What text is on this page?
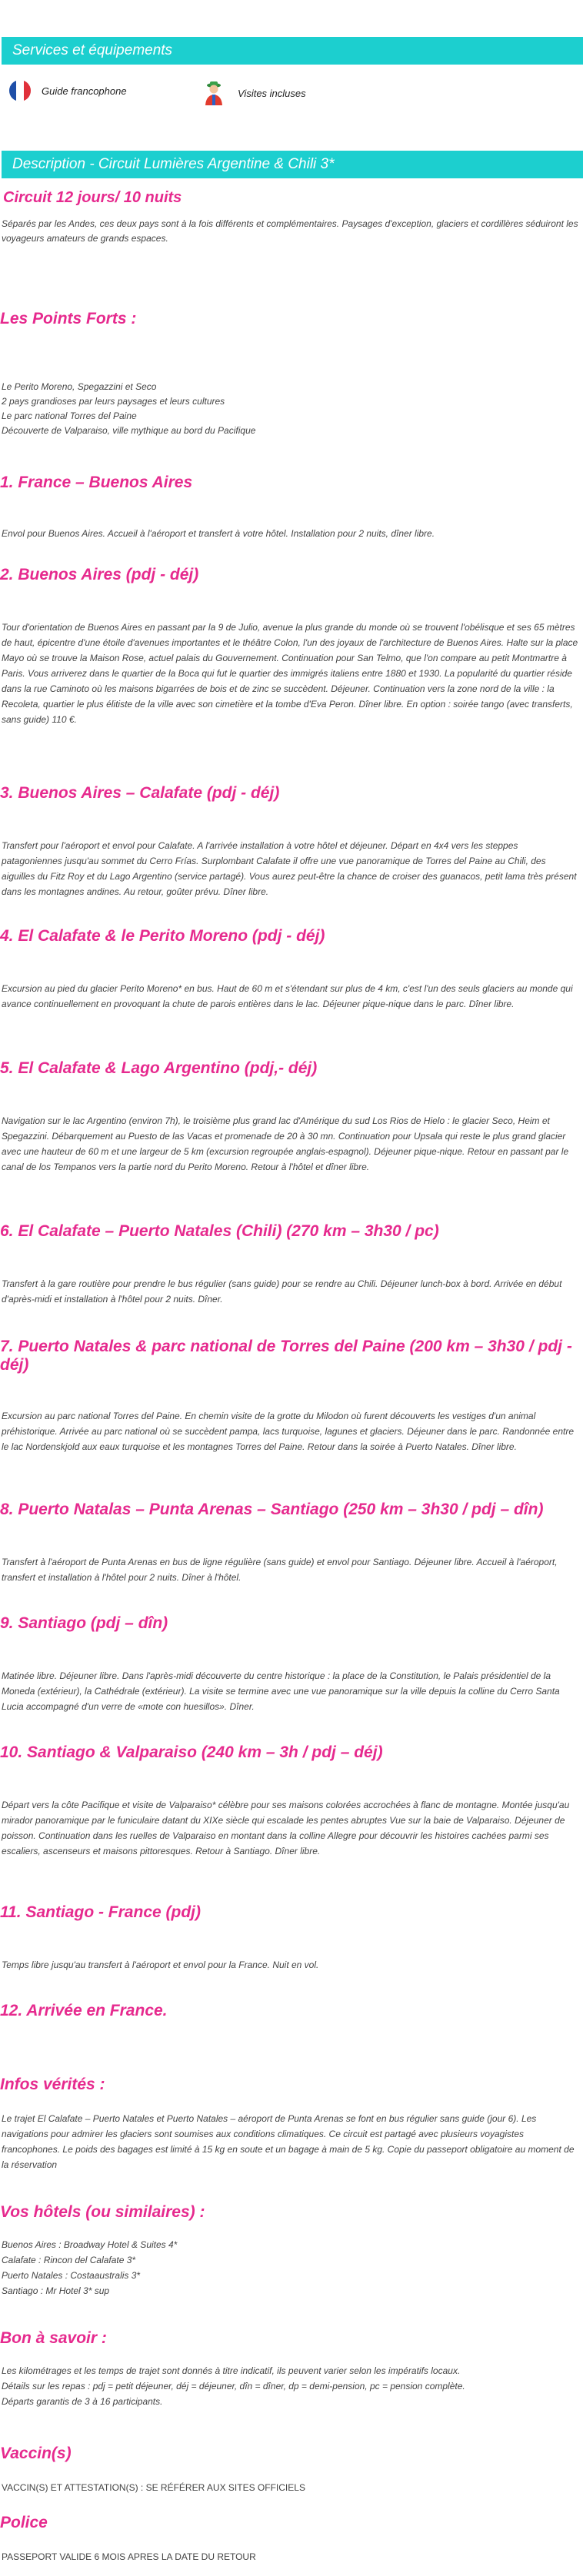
Services et équipements
Guide francophone	Visites incluses
Description - Circuit Lumières Argentine & Chili 3*
Circuit 12 jours/ 10 nuits
Séparés par les Andes, ces deux pays sont à la fois différents et complémentaires. Paysages d'exception, glaciers et cordillères séduiront les voyageurs amateurs de grands espaces.
Les Points Forts :
Le Perito Moreno, Spegazzini et Seco
2 pays grandioses par leurs paysages et leurs cultures
Le parc national Torres del Paine
Découverte de Valparaiso, ville mythique au bord du Pacifique
1. France – Buenos Aires
Envol pour Buenos Aires. Accueil à l'aéroport et transfert à votre hôtel. Installation pour 2 nuits, dîner libre.
2. Buenos Aires (pdj - déj)
Tour d'orientation de Buenos Aires en passant par la 9 de Julio, avenue la plus grande du monde où se trouvent l'obélisque et ses 65 mètres de haut, épicentre d'une étoile d'avenues importantes et le théâtre Colon, l'un des joyaux de l'architecture de Buenos Aires. Halte sur la place Mayo où se trouve la Maison Rose, actuel palais du Gouvernement. Continuation pour San Telmo, que l'on compare au petit Montmartre à Paris. Vous arriverez dans le quartier de la Boca qui fut le quartier des immigrés italiens entre 1880 et 1930. La popularité du quartier réside dans la rue Caminoto où les maisons bigarrées de bois et de zinc se succèdent. Déjeuner. Continuation vers la zone nord de la ville : la Recoleta, quartier le plus élitiste de la ville avec son cimetière et la tombe d'Eva Peron. Dîner libre. En option : soirée tango (avec transferts, sans guide) 110 €.
3. Buenos Aires – Calafate (pdj - déj)
Transfert pour l'aéroport et envol pour Calafate. A l'arrivée installation à votre hôtel et déjeuner. Départ en 4x4 vers les steppes patagoniennes jusqu'au sommet du Cerro Frías. Surplombant Calafate il offre une vue panoramique de Torres del Paine au Chili, des aiguilles du Fitz Roy et du Lago Argentino (service partagé). Vous aurez peut-être la chance de croiser des guanacos, petit lama très présent dans les montagnes andines. Au retour, goûter prévu. Dîner libre.
4. El Calafate & le Perito Moreno (pdj - déj)
Excursion au pied du glacier Perito Moreno* en bus. Haut de 60 m et s'étendant sur plus de 4 km, c'est l'un des seuls glaciers au monde qui avance continuellement en provoquant la chute de parois entières dans le lac. Déjeuner pique-nique dans le parc. Dîner libre.
5. El Calafate & Lago Argentino (pdj,- déj)
Navigation sur le lac Argentino (environ 7h), le troisième plus grand lac d'Amérique du sud Los Rios de Hielo : le glacier Seco, Heim et Spegazzini. Débarquement au Puesto de las Vacas et promenade de 20 à 30 mn. Continuation pour Upsala qui reste le plus grand glacier avec une hauteur de 60 m et une largeur de 5 km (excursion regroupée anglais-espagnol). Déjeuner pique-nique. Retour en passant par le canal de los Tempanos vers la partie nord du Perito Moreno. Retour à l'hôtel et dîner libre.
6. El Calafate – Puerto Natales (Chili) (270 km – 3h30 / pc)
Transfert à la gare routière pour prendre le bus régulier (sans guide) pour se rendre au Chili. Déjeuner lunch-box à bord. Arrivée en début d'après-midi et installation à l'hôtel pour 2 nuits. Dîner.
7. Puerto Natales & parc national de Torres del Paine (200 km – 3h30 / pdj - déj)
Excursion au parc national Torres del Paine. En chemin visite de la grotte du Milodon où furent découverts les vestiges d'un animal préhistorique. Arrivée au parc national où se succèdent pampa, lacs turquoise, lagunes et glaciers. Déjeuner dans le parc. Randonnée entre le lac Nordenskjold aux eaux turquoise et les montagnes Torres del Paine. Retour dans la soirée à Puerto Natales. Dîner libre.
8. Puerto Natalas – Punta Arenas – Santiago (250 km – 3h30 / pdj – dîn)
Transfert à l'aéroport de Punta Arenas en bus de ligne régulière (sans guide) et envol pour Santiago. Déjeuner libre. Accueil à l'aéroport, transfert et installation à l'hôtel pour 2 nuits. Dîner à l'hôtel.
9. Santiago (pdj – dîn)
Matinée libre. Déjeuner libre. Dans l'après-midi découverte du centre historique : la place de la Constitution, le Palais présidentiel de la Moneda (extérieur), la Cathédrale (extérieur). La visite se termine avec une vue panoramique sur la ville depuis la colline du Cerro Santa Lucia accompagné d'un verre de «mote con huesillos». Dîner.
10. Santiago & Valparaiso (240 km – 3h / pdj – déj)
Départ vers la côte Pacifique et visite de Valparaiso* célèbre pour ses maisons colorées accrochées à flanc de montagne. Montée jusqu'au mirador panoramique par le funiculaire datant du XIXe siècle qui escalade les pentes abruptes Vue sur la baie de Valparaiso. Déjeuner de poisson. Continuation dans les ruelles de Valparaiso en montant dans la colline Allegre pour découvrir les histoires cachées parmi ses escaliers, ascenseurs et maisons pittoresques. Retour à Santiago. Dîner libre.
11. Santiago - France (pdj)
Temps libre jusqu'au transfert à l'aéroport et envol pour la France. Nuit en vol.
12. Arrivée en France.
Infos vérités :
Le trajet El Calafate – Puerto Natales et Puerto Natales – aéroport de Punta Arenas se font en bus régulier sans guide (jour 6). Les navigations pour admirer les glaciers sont soumises aux conditions climatiques. Ce circuit est partagé avec plusieurs voyagistes francophones. Le poids des bagages est limité à 15 kg en soute et un bagage à main de 5 kg. Copie du passeport obligatoire au moment de la réservation
Vos hôtels (ou similaires) :
Buenos Aires : Broadway Hotel & Suites 4*
Calafate : Rincon del Calafate 3*
Puerto Natales : Costaaustralis 3*
Santiago : Mr Hotel 3* sup
Bon à savoir :
Les kilométrages et les temps de trajet sont donnés à titre indicatif, ils peuvent varier selon les impératifs locaux.
Détails sur les repas : pdj = petit déjeuner, déj = déjeuner, dîn = dîner, dp = demi-pension, pc = pension complète.
Départs garantis de 3 à 16 participants.
Vaccin(s)
VACCIN(S) ET ATTESTATION(S) : SE RÉFÉRER AUX SITES OFFICIELS
Police
PASSEPORT VALIDE 6 MOIS APRES LA DATE DU RETOUR
